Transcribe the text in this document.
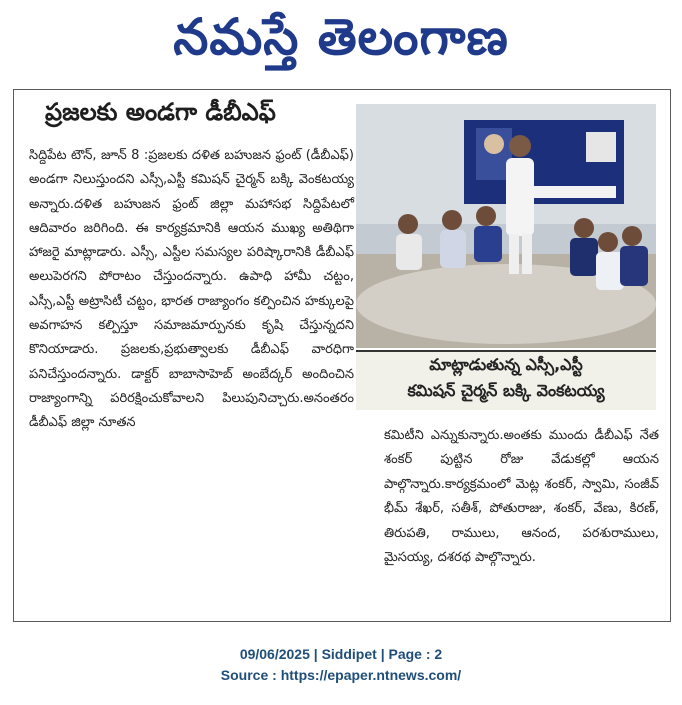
నమస్తే తెలంగాణ
ప్రజలకు అండగా డీబీఎఫ్

సిద్దిపేట టౌన్, జూన్ 8 :ప్రజలకు దళిత బహుజన ఫ్రంట్ (డీబీఎఫ్) అండగా నిలుస్తుందని ఎస్సీ,ఎస్టీ కమిషన్ చైర్మన్ బక్కి వెంకటయ్య అన్నారు.దళిత బహుజన ఫ్రంట్ జిల్లా మహాసభ సిద్దిపేటలో ఆదివారం జరిగింది. ఈ కార్యక్రమానికి ఆయన ముఖ్య అతిథిగా హాజరై మాట్లాడారు. ఎస్సీ, ఎస్టీల సమస్యల పరిష్కారానికి డీబీఎఫ్ అలుపెరగని పోరాటం చేస్తుందన్నారు. ఉపాధి హామీ చట్టం, ఎస్సీ,ఎస్టీ అట్రాసిటీ చట్టం, భారత రాజ్యాంగం కల్పించిన హక్కులపై అవగాహన కల్పిస్తూ సమాజమార్పునకు కృషి చేస్తున్నదని కొనియాడారు. ప్రజలకు,ప్రభుత్వాలకు డీబీఎఫ్ వారధిగా పనిచేస్తుందన్నారు. డాక్టర్ బాబాసాహెబ్ అంబేద్కర్ అందించిన రాజ్యాంగాన్ని పరిరక్షించుకోవాలని పిలుపునిచ్చారు.అనంతరం డీబీఎఫ్ జిల్లా నూతన

మాట్లాడుతున్న ఎస్సీ,ఎస్టీ
కమిషన్ చైర్మన్ బక్కి వెంకటయ్య

కమిటీని ఎన్నుకున్నారు.అంతకు ముందు డీబీఎఫ్ నేత శంకర్ పుట్టిన రోజు వేడుకల్లో ఆయన పాల్గొన్నారు.కార్యక్రమంలో మెట్ల శంకర్, స్వామి, సంజీవ్ భీమ్ శేఖర్, సతీశ్, పోతురాజు, శంకర్, వేణు, కిరణ్, తిరుపతి, రాములు, ఆనంద, పరశురాములు, మైసయ్య, దశరథ పాల్గొన్నారు.

09/06/2025 | Siddipet | Page : 2
Source : https://epaper.ntnews.com/
